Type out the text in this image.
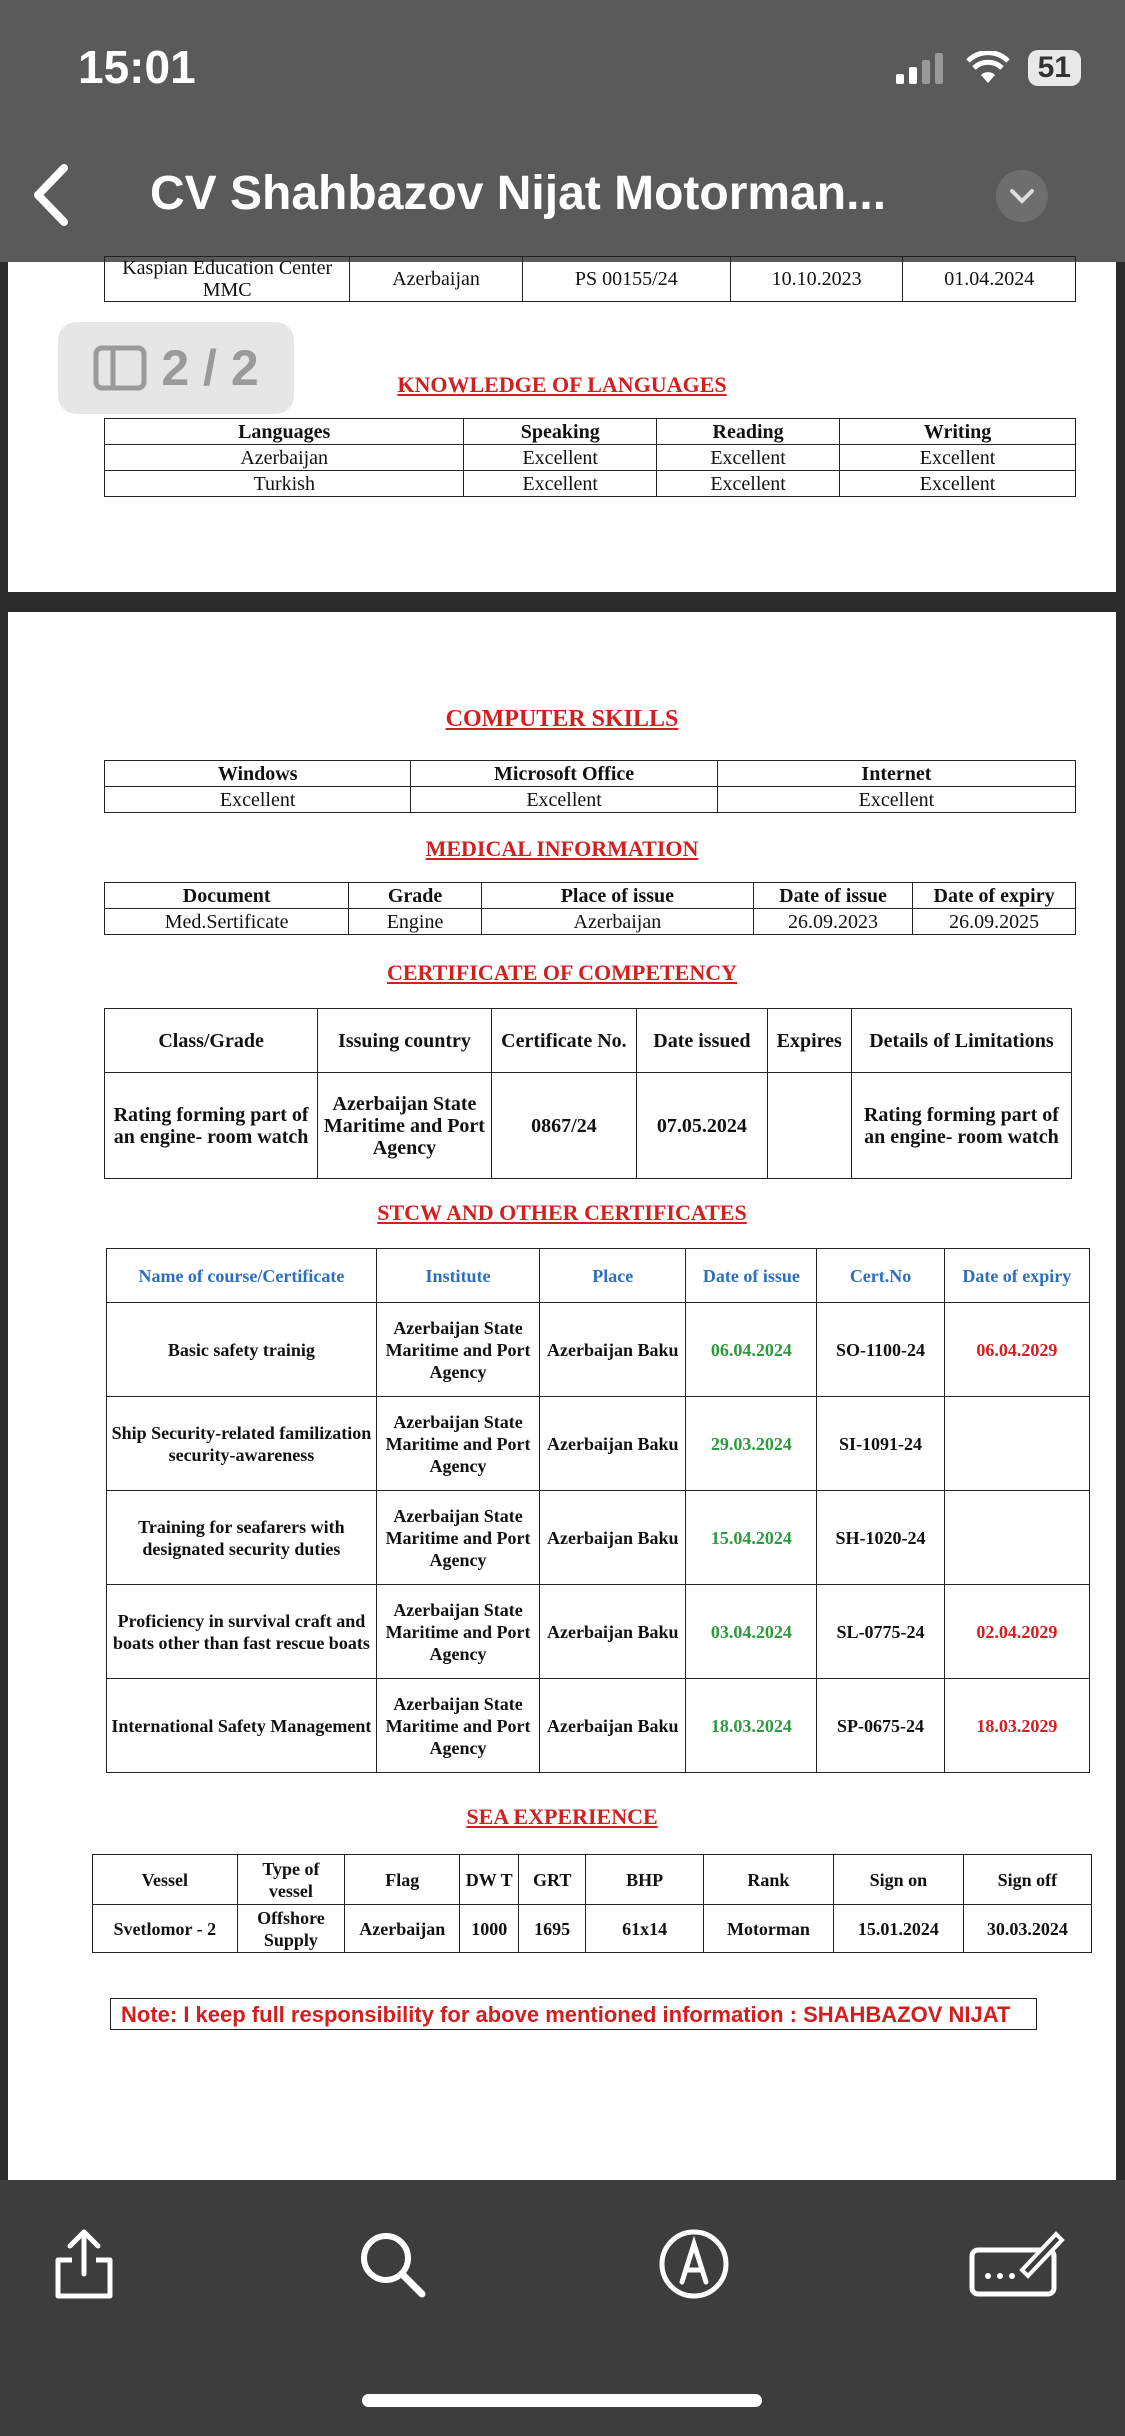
15:01	51
CV Shahbazov Nijat Motorman...
Kaspian Education Center MMC	Azerbaijan	PS 00155/24	10.10.2023	01.04.2024
KNOWLEDGE OF LANGUAGES
Languages	Speaking	Reading	Writing
Azerbaijan	Excellent	Excellent	Excellent
Turkish	Excellent	Excellent	Excellent
2 / 2
COMPUTER SKILLS
Windows	Microsoft Office	Internet
Excellent	Excellent	Excellent
MEDICAL INFORMATION
Document	Grade	Place of issue	Date of issue	Date of expiry
Med.Sertificate	Engine	Azerbaijan	26.09.2023	26.09.2025
CERTIFICATE OF COMPETENCY
Class/Grade	Issuing country	Certificate No.	Date issued	Expires	Details of Limitations
Rating forming part of an engine- room watch	Azerbaijan State Maritime and Port Agency	0867/24	07.05.2024		Rating forming part of an engine- room watch
STCW AND OTHER CERTIFICATES
Name of course/Certificate	Institute	Place	Date of issue	Cert.No	Date of expiry
Basic safety trainig	Azerbaijan State Maritime and Port Agency	Azerbaijan Baku	06.04.2024	SO-1100-24	06.04.2029
Ship Security-related familization security-awareness	Azerbaijan State Maritime and Port Agency	Azerbaijan Baku	29.03.2024	SI-1091-24	
Training for seafarers with designated security duties	Azerbaijan State Maritime and Port Agency	Azerbaijan Baku	15.04.2024	SH-1020-24	
Proficiency in survival craft and boats other than fast rescue boats	Azerbaijan State Maritime and Port Agency	Azerbaijan Baku	03.04.2024	SL-0775-24	02.04.2029
International Safety Management	Azerbaijan State Maritime and Port Agency	Azerbaijan Baku	18.03.2024	SP-0675-24	18.03.2029
SEA EXPERIENCE
Vessel	Type of vessel	Flag	DW T	GRT	BHP	Rank	Sign on	Sign off
Svetlomor - 2	Offshore Supply	Azerbaijan	1000	1695	61x14	Motorman	15.01.2024	30.03.2024
Note: I keep full responsibility for above mentioned information : SHAHBAZOV NIJAT
